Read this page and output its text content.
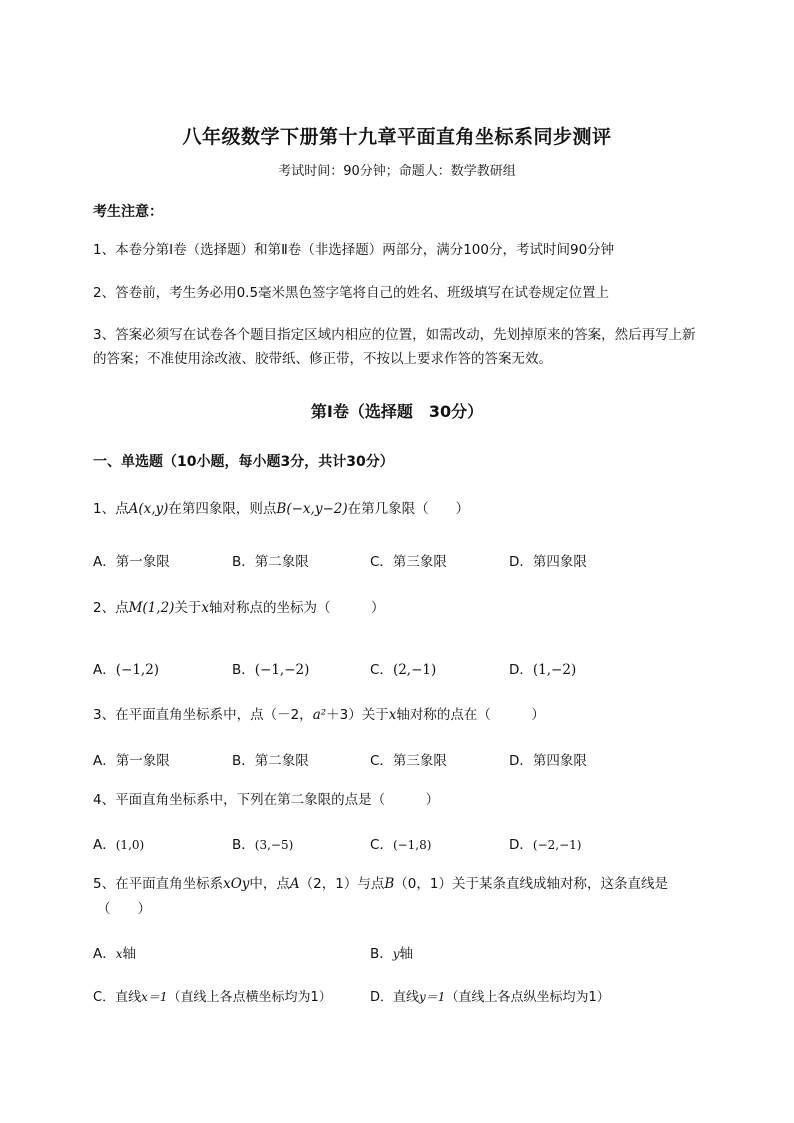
八年级数学下册第十九章平面直角坐标系同步测评
考试时间：90分钟；命题人：数学教研组
考生注意：
1、本卷分第I卷（选择题）和第Ⅱ卷（非选择题）两部分，满分100分，考试时间90分钟
2、答卷前，考生务必用0.5毫米黑色签字笔将自己的姓名、班级填写在试卷规定位置上
3、答案必须写在试卷各个题目指定区域内相应的位置，如需改动，先划掉原来的答案，然后再写上新
的答案；不准使用涂改液、胶带纸、修正带，不按以上要求作答的答案无效。
第I卷（选择题　30分）
一、单选题（10小题，每小题3分，共计30分）
1、点A(x,y)在第四象限，则点B(−x,y−2)在第几象限（　　）
A．第一象限	B．第二象限	C．第三象限	D．第四象限
2、点M(1,2)关于x轴对称点的坐标为（　　　）
A．(−1,2)	B．(−1,−2)	C．(2,−1)	D．(1,−2)
3、在平面直角坐标系中，点（－2，a²＋3）关于x轴对称的点在（　　　）
A．第一象限	B．第二象限	C．第三象限	D．第四象限
4、平面直角坐标系中，下列在第二象限的点是（　　　）
A．(1,0)	B．(3,−5)	C．(−1,8)	D．(−2,−1)
5、在平面直角坐标系xOy中，点A（2，1）与点B（0，1）关于某条直线成轴对称，这条直线是
（　　）
A．x轴	B．y轴
C．直线x＝1（直线上各点横坐标均为1）	D．直线y＝1（直线上各点纵坐标均为1）
